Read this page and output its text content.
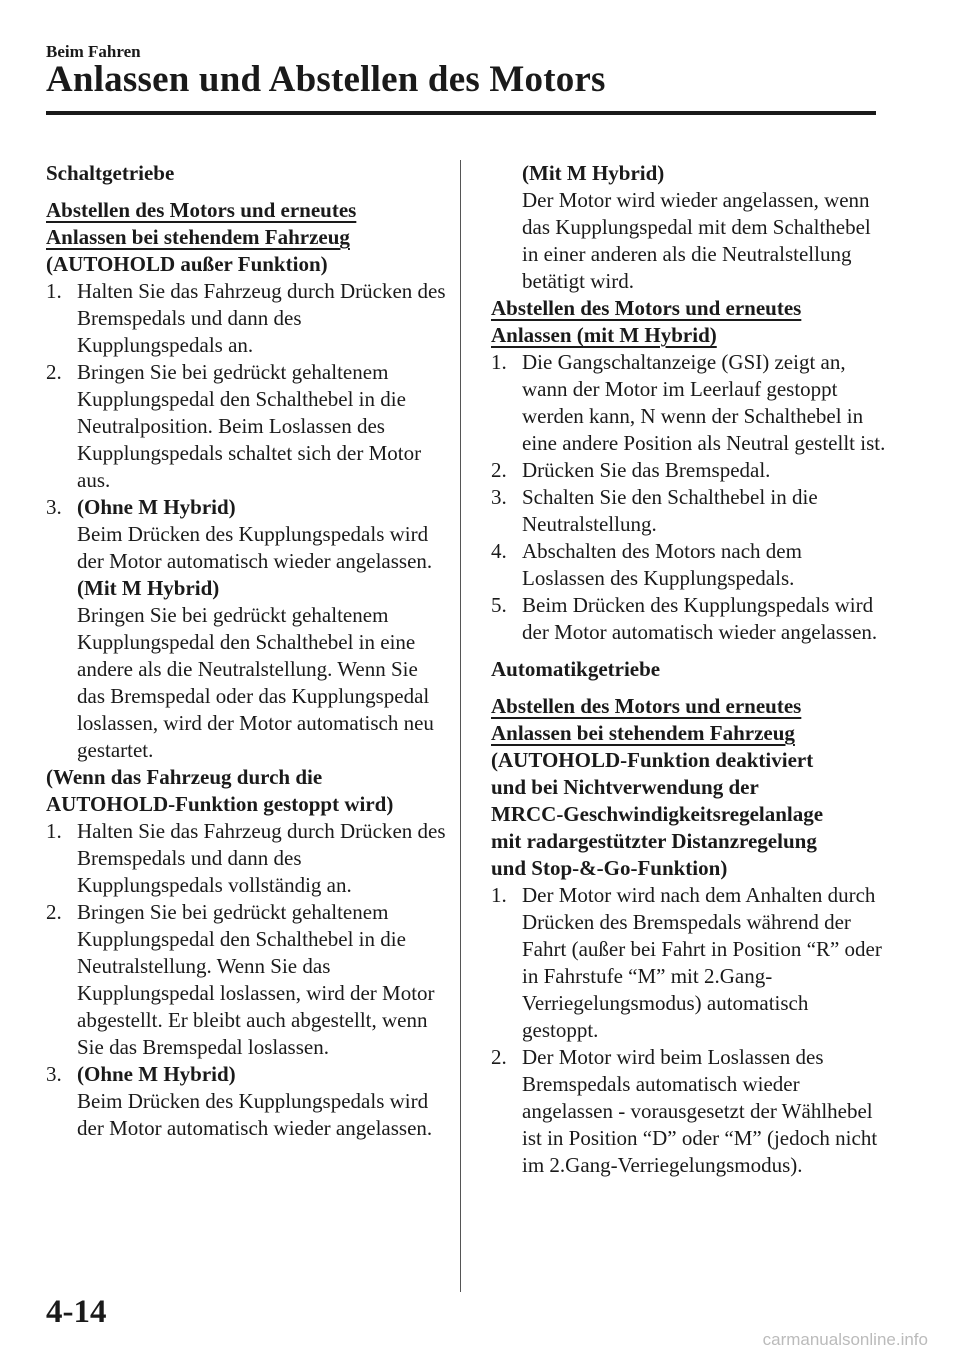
Beim Fahren
Anlassen und Abstellen des Motors

Schaltgetriebe

Abstellen des Motors und erneutes
Anlassen bei stehendem Fahrzeug

(AUTOHOLD außer Funktion)

1. Halten Sie das Fahrzeug durch Drücken des Bremspedals und dann des Kupplungspedals an.
2. Bringen Sie bei gedrückt gehaltenem Kupplungspedal den Schalthebel in die Neutralposition. Beim Loslassen des Kupplungspedals schaltet sich der Motor aus.
3. (Ohne M Hybrid)
Beim Drücken des Kupplungspedals wird der Motor automatisch wieder angelassen.
(Mit M Hybrid)
Bringen Sie bei gedrückt gehaltenem Kupplungspedal den Schalthebel in eine andere als die Neutralstellung. Wenn Sie das Bremspedal oder das Kupplungspedal loslassen, wird der Motor automatisch neu gestartet.

(Wenn das Fahrzeug durch die
AUTOHOLD-Funktion gestoppt wird)

1. Halten Sie das Fahrzeug durch Drücken des Bremspedals und dann des Kupplungspedals vollständig an.
2. Bringen Sie bei gedrückt gehaltenem Kupplungspedal den Schalthebel in die Neutralstellung. Wenn Sie das Kupplungspedal loslassen, wird der Motor abgestellt. Er bleibt auch abgestellt, wenn Sie das Bremspedal loslassen.
3. (Ohne M Hybrid)
Beim Drücken des Kupplungspedals wird der Motor automatisch wieder angelassen.
(Mit M Hybrid)
Der Motor wird wieder angelassen, wenn das Kupplungspedal mit dem Schalthebel in einer anderen als die Neutralstellung betätigt wird.
Abstellen des Motors und erneutes
Anlassen (mit M Hybrid)
1. Die Gangschaltanzeige (GSI) zeigt an, wann der Motor im Leerlauf gestoppt werden kann, N wenn der Schalthebel in eine andere Position als Neutral gestellt ist.
2. Drücken Sie das Bremspedal.
3. Schalten Sie den Schalthebel in die Neutralstellung.
4. Abschalten des Motors nach dem Loslassen des Kupplungspedals.
5. Beim Drücken des Kupplungspedals wird der Motor automatisch wieder angelassen.

Automatikgetriebe

Abstellen des Motors und erneutes
Anlassen bei stehendem Fahrzeug

(AUTOHOLD-Funktion deaktiviert
und bei Nichtverwendung der
MRCC-Geschwindigkeitsregelanlage
mit radargestützter Distanzregelung
und Stop-&-Go-Funktion)

1. Der Motor wird nach dem Anhalten durch Drücken des Bremspedals während der Fahrt (außer bei Fahrt in Position “R” oder in Fahrstufe “M” mit 2.Gang-Verriegelungsmodus) automatisch gestoppt.
2. Der Motor wird beim Loslassen des Bremspedals automatisch wieder angelassen - vorausgesetzt der Wählhebel ist in Position “D” oder “M” (jedoch nicht im 2.Gang-Verriegelungsmodus).
4-14
carmanualsonline.info
